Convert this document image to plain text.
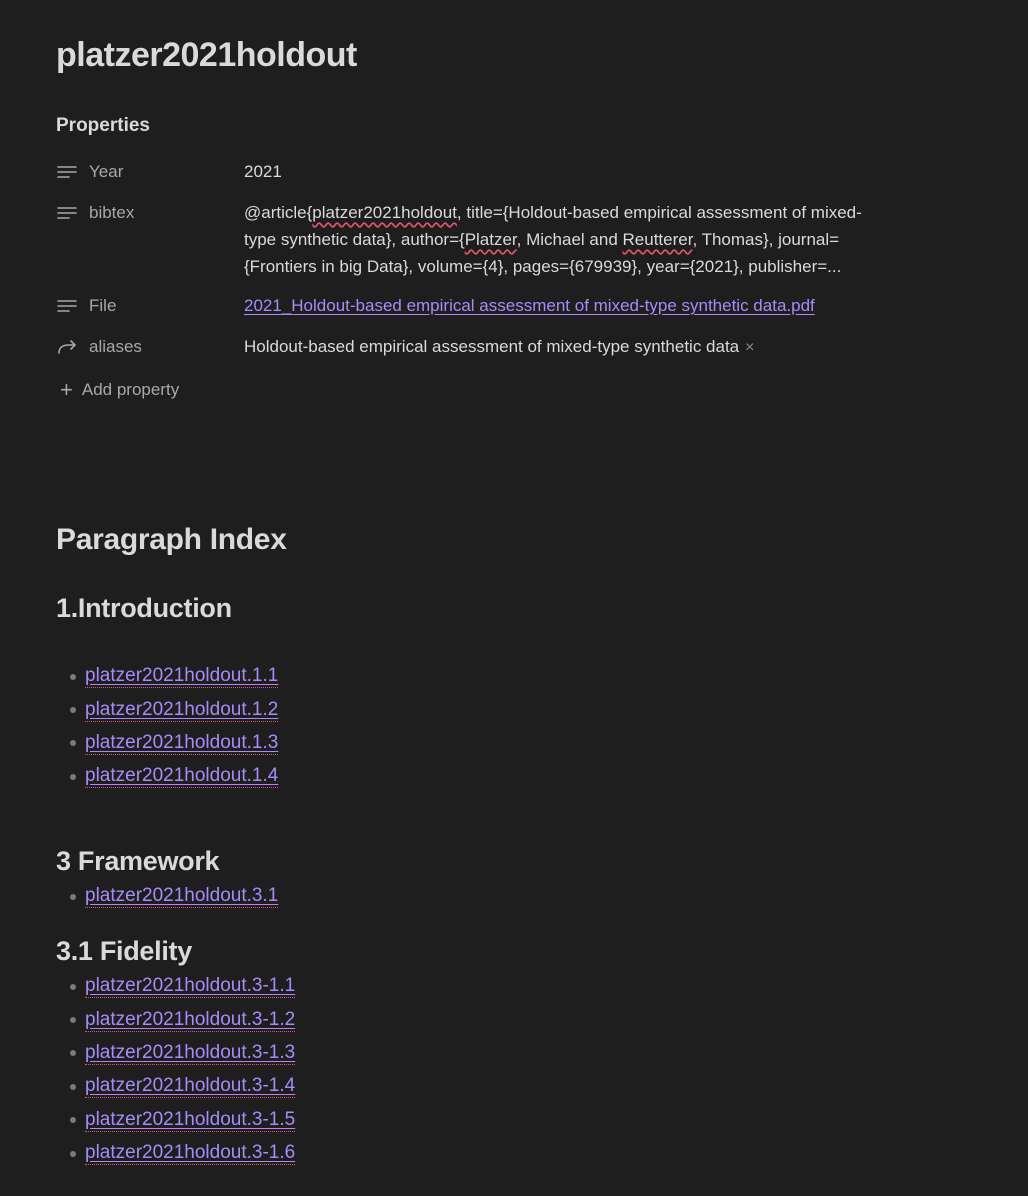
platzer2021holdout
Properties
Year	2021
bibtex	@article{platzer2021holdout, title={Holdout-based empirical assessment of mixed-
type synthetic data}, author={Platzer, Michael and Reutterer, Thomas}, journal=
{Frontiers in big Data}, volume={4}, pages={679939}, year={2021}, publisher=...
File	2021_Holdout-based empirical assessment of mixed-type synthetic data.pdf
aliases	Holdout-based empirical assessment of mixed-type synthetic data ×
+ Add property
Paragraph Index
1.Introduction
platzer2021holdout.1.1
platzer2021holdout.1.2
platzer2021holdout.1.3
platzer2021holdout.1.4
3 Framework
platzer2021holdout.3.1
3.1 Fidelity
platzer2021holdout.3-1.1
platzer2021holdout.3-1.2
platzer2021holdout.3-1.3
platzer2021holdout.3-1.4
platzer2021holdout.3-1.5
platzer2021holdout.3-1.6
